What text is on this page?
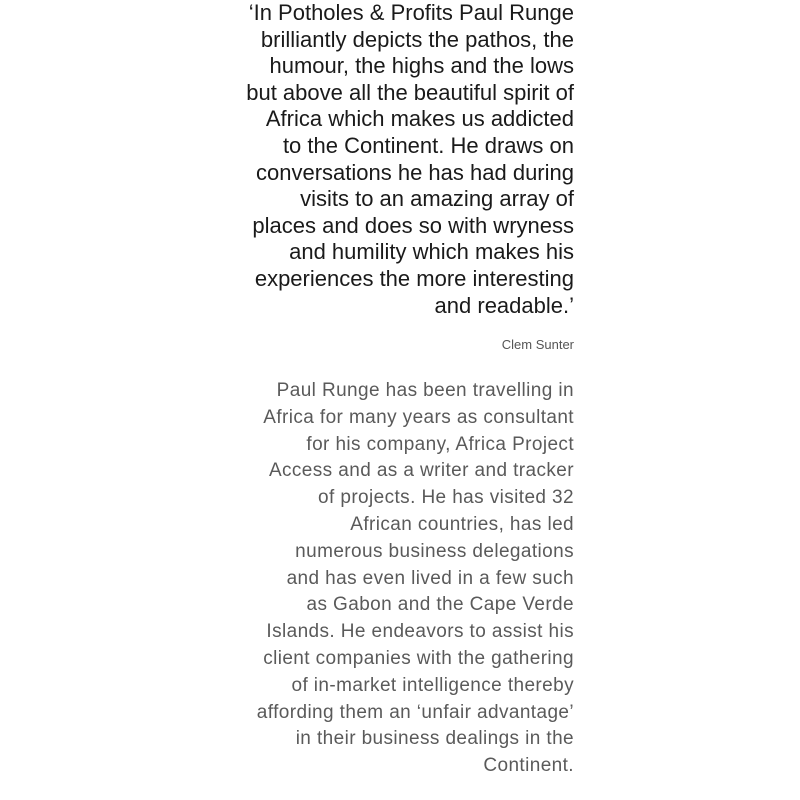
‘In Potholes & Profits Paul Runge
brilliantly depicts the pathos, the
humour, the highs and the lows
but above all the beautiful spirit of
Africa which makes us addicted
to the Continent. He draws on
conversations he has had during
visits to an amazing array of
places and does so with wryness
and humility which makes his
experiences the more interesting
and readable.’
Clem Sunter
Paul Runge has been travelling in
Africa for many years as consultant
for his company, Africa Project
Access and as a writer and tracker
of projects. He has visited 32
African countries, has led
numerous business delegations
and has even lived in a few such
as Gabon and the Cape Verde
Islands. He endeavors to assist his
client companies with the gathering
of in-market intelligence thereby
affording them an ‘unfair advantage’
in their business dealings in the
Continent.
